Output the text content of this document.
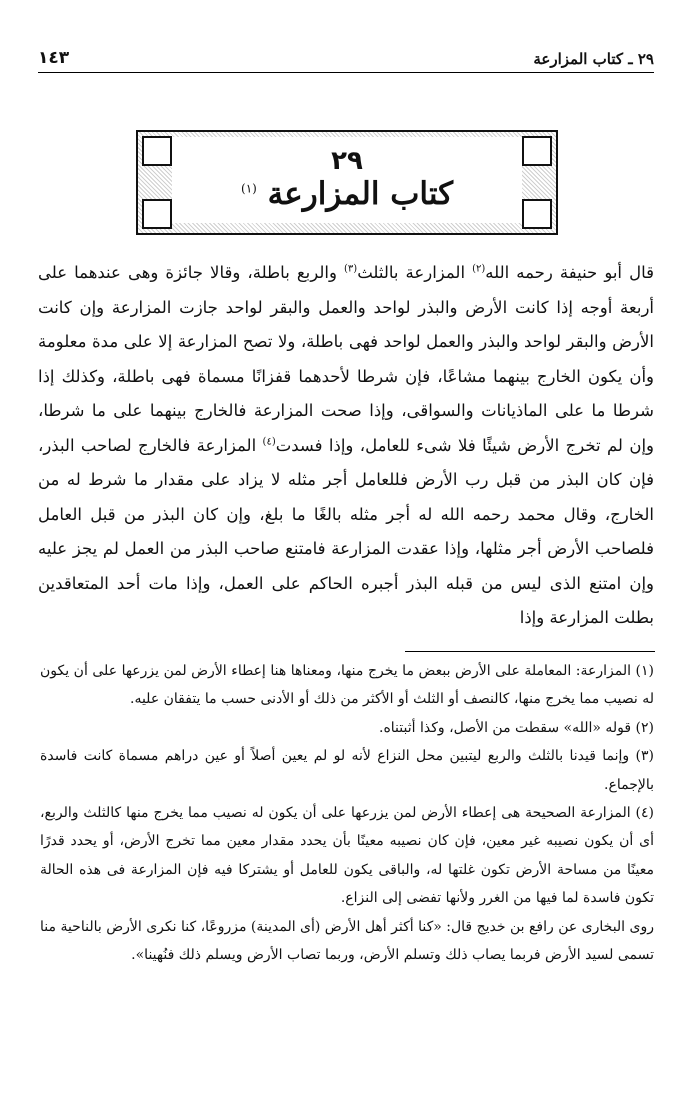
٢٩ ـ كتاب المزارعة
١٤٣
٢٩
كتاب المزارعة $^{(١)}$

قال أبو حنيفة رحمه الله$^{(٢)}$ المزارعة بالثلث$^{(٣)}$ والربع باطلة، وقالا جائزة وهى عندهما على أربعة أوجه إذا كانت الأرض والبذر لواحد والعمل والبقر لواحد جازت المزارعة وإن كانت الأرض والبقر لواحد والبذر والعمل لواحد فهى باطلة، ولا تصح المزارعة إلا على مدة معلومة وأن يكون الخارج بينهما مشاعًا، فإن شرطا لأحدهما قفزانًا مسماة فهى باطلة، وكذلك إذا شرطا ما على الماذيانات والسواقى، وإذا صحت المزارعة فالخارج بينهما على ما شرطا، وإن لم تخرج الأرض شيئًا فلا شىء للعامل، وإذا فسدت$^{(٤)}$ المزارعة فالخارج لصاحب البذر، فإن كان البذر من قبل رب الأرض فللعامل أجر مثله لا يزاد على مقدار ما شرط له من الخارج، وقال محمد رحمه الله له أجر مثله بالغًا ما بلغ، وإن كان البذر من قبل العامل فلصاحب الأرض أجر مثلها، وإذا عقدت المزارعة فامتنع صاحب البذر من العمل لم يجز عليه وإن امتنع الذى ليس من قبله البذر أجبره الحاكم على العمل، وإذا مات أحد المتعاقدين بطلت المزارعة وإذا

(١) المزارعة: المعاملة على الأرض ببعض ما يخرج منها، ومعناها هنا إعطاء الأرض لمن يزرعها على أن يكون له نصيب مما يخرج منها، كالنصف أو الثلث أو الأكثر من ذلك أو الأدنى حسب ما يتفقان عليه.

(٢) قوله «الله» سقطت من الأصل، وكذا أثبتناه.

(٣) وإنما قيدنا بالثلث والربع ليتبين محل النزاع لأنه لو لم يعين أصلاً أو عين دراهم مسماة كانت فاسدة بالإجماع.

(٤) المزارعة الصحيحة هى إعطاء الأرض لمن يزرعها على أن يكون له نصيب مما يخرج منها كالثلث والربع، أى أن يكون نصيبه غير معين، فإن كان نصيبه معينًا بأن يحدد مقدار معين مما تخرج الأرض، أو يحدد قدرًا معينًا من مساحة الأرض تكون غلتها له، والباقى يكون للعامل أو يشتركا فيه فإن المزارعة فى هذه الحالة تكون فاسدة لما فيها من الغرر ولأنها تفضى إلى النزاع.

روى البخارى عن رافع بن خديج قال: «كنا أكثر أهل الأرض (أى المدينة) مزروعًا، كنا نكرى الأرض بالناحية منا تسمى لسيد الأرض فربما يصاب ذلك وتسلم الأرض، وربما تصاب الأرض ويسلم ذلك فنُهينا».
